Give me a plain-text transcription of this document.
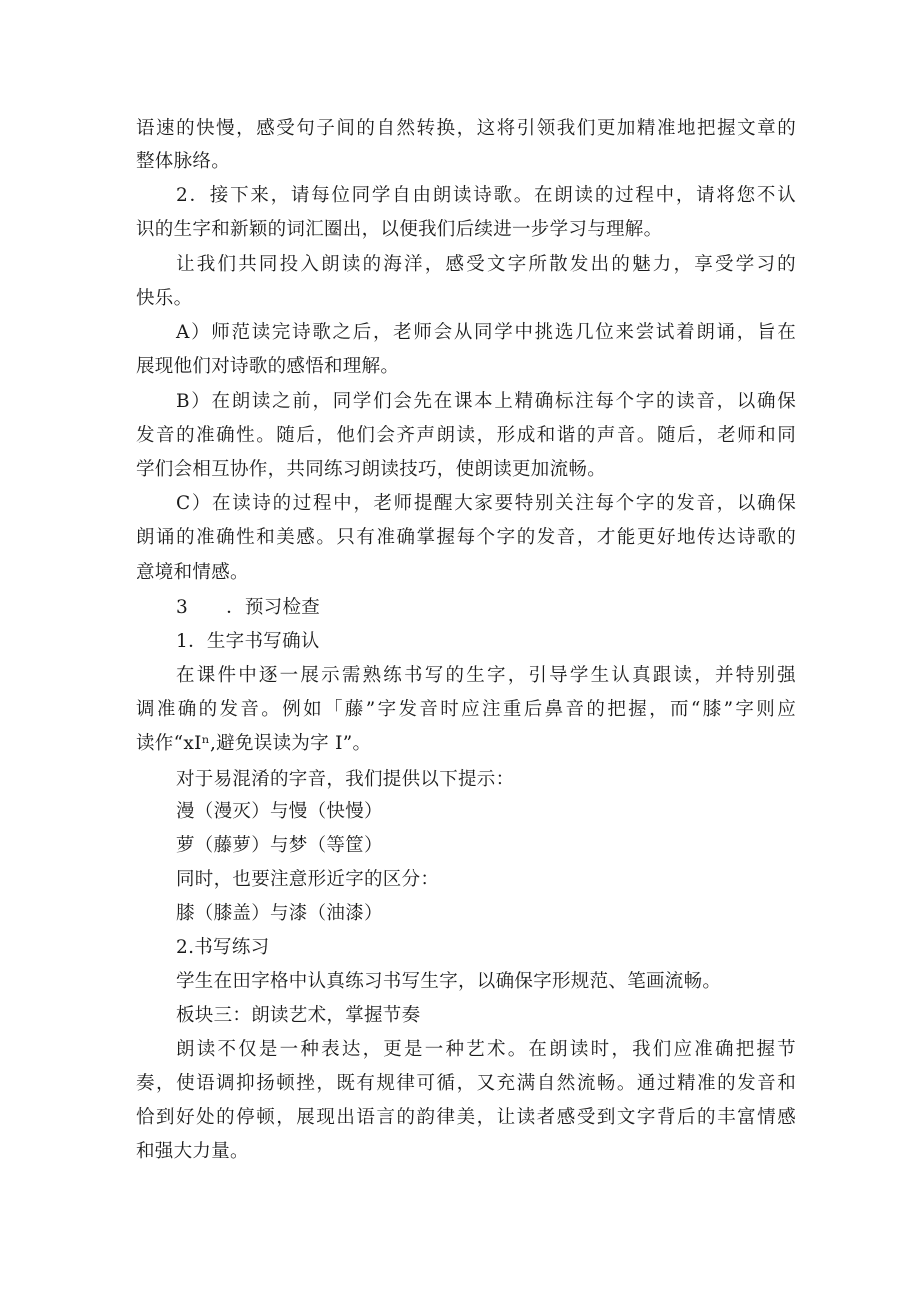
语速的快慢，感受句子间的自然转换，这将引领我们更加精准地把握文章的
整体脉络。
2．接下来，请每位同学自由朗读诗歌。在朗读的过程中，请将您不认
识的生字和新颖的词汇圈出，以便我们后续进一步学习与理解。
让我们共同投入朗读的海洋，感受文字所散发出的魅力，享受学习的
快乐。
A）师范读完诗歌之后，老师会从同学中挑选几位来尝试着朗诵，旨在
展现他们对诗歌的感悟和理解。
B）在朗读之前，同学们会先在课本上精确标注每个字的读音，以确保
发音的准确性。随后，他们会齐声朗读，形成和谐的声音。随后，老师和同
学们会相互协作，共同练习朗读技巧，使朗读更加流畅。
C）在读诗的过程中，老师提醒大家要特别关注每个字的发音，以确保
朗诵的准确性和美感。只有准确掌握每个字的发音，才能更好地传达诗歌的
意境和情感。
3 ．预习检查
1．生字书写确认
在课件中逐一展示需熟练书写的生字，引导学生认真跟读，并特别强
调准确的发音。例如「藤”字发音时应注重后鼻音的把握，而“膝”字则应
读作“xIⁿ,避免误读为字 I”。
对于易混淆的字音，我们提供以下提示：
漫（漫灭）与慢（快慢）
萝（藤萝）与梦（等筐）
同时，也要注意形近字的区分：
膝（膝盖）与漆（油漆）
2.书写练习
学生在田字格中认真练习书写生字，以确保字形规范、笔画流畅。
板块三：朗读艺术，掌握节奏
朗读不仅是一种表达，更是一种艺术。在朗读时，我们应准确把握节
奏，使语调抑扬顿挫，既有规律可循，又充满自然流畅。通过精准的发音和
恰到好处的停顿，展现出语言的韵律美，让读者感受到文字背后的丰富情感
和强大力量。
